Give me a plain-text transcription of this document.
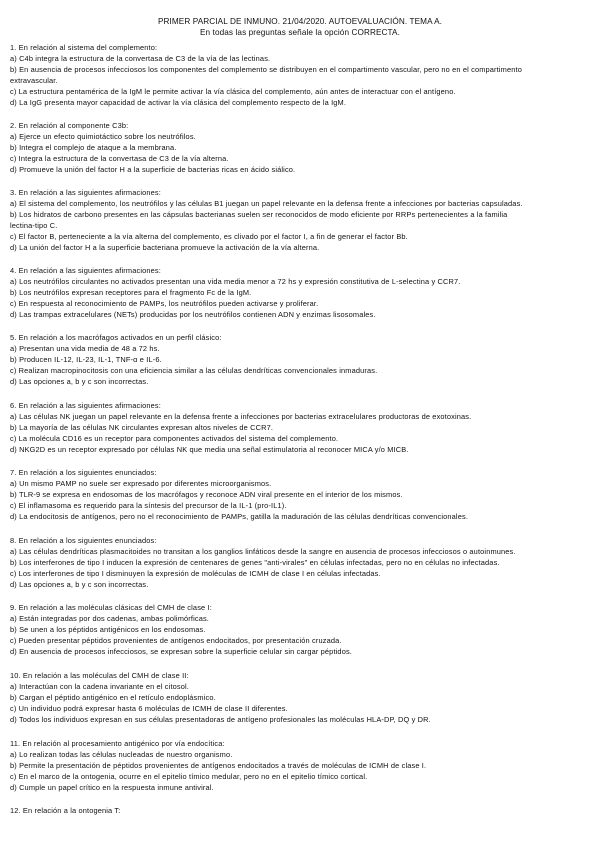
PRIMER PARCIAL DE INMUNO. 21/04/2020. AUTOEVALUACIÓN. TEMA A.
En todas las preguntas señale la opción CORRECTA.
1. En relación al sistema del complemento:
a) C4b integra la estructura de la convertasa de C3 de la vía de las lectinas.
b) En ausencia de procesos infecciosos los componentes del complemento se distribuyen en el compartimento vascular, pero no en el compartimento
extravascular.
c) La estructura pentamérica de la IgM le permite activar la vía clásica del complemento, aún antes de interactuar con el antígeno.
d) La IgG presenta mayor capacidad de activar la vía clásica del complemento respecto de la IgM.
2. En relación al componente C3b:
a) Ejerce un efecto quimiotáctico sobre los neutrófilos.
b) Integra el complejo de ataque a la membrana.
c) Integra la estructura de la convertasa de C3 de la vía alterna.
d) Promueve la unión del factor H a la superficie de bacterias ricas en ácido siálico.
3. En relación a las siguientes afirmaciones:
a) El sistema del complemento, los neutrófilos y las células B1 juegan un papel relevante en la defensa frente a infecciones por bacterias capsuladas.
b) Los hidratos de carbono presentes en las cápsulas bacterianas suelen ser reconocidos de modo eficiente por RRPs pertenecientes a la familia
lectina-tipo C.
c) El factor B, perteneciente a la vía alterna del complemento, es clivado por el factor I, a fin de generar el factor Bb.
d) La unión del factor H a la superficie bacteriana promueve la activación de la vía alterna.
4. En relación a las siguientes afirmaciones:
a) Los neutrófilos circulantes no activados presentan una vida media menor a 72 hs y expresión constitutiva de L-selectina y CCR7.
b) Los neutrófilos expresan receptores para el fragmento Fc de la IgM.
c) En respuesta al reconocimiento de PAMPs, los neutrófilos pueden activarse y proliferar.
d) Las trampas extracelulares (NETs) producidas por los neutrófilos contienen ADN y enzimas lisosomales.
5. En relación a los macrófagos activados en un perfil clásico:
a) Presentan una vida media de 48 a 72 hs.
b) Producen IL-12, IL-23, IL-1, TNF-α e IL-6.
c) Realizan macropinocitosis con una eficiencia similar a las células dendríticas convencionales inmaduras.
d) Las opciones a, b y c son incorrectas.
6. En relación a las siguientes afirmaciones:
a) Las células NK juegan un papel relevante en la defensa frente a infecciones por bacterias extracelulares productoras de exotoxinas.
b) La mayoría de las células NK circulantes expresan altos niveles de CCR7.
c) La molécula CD16 es un receptor para componentes activados del sistema del complemento.
d) NKG2D es un receptor expresado por células NK que media una señal estimulatoria al reconocer MICA y/o MICB.
7. En relación a los siguientes enunciados:
a) Un mismo PAMP no suele ser expresado por diferentes microorganismos.
b) TLR-9 se expresa en endosomas de los macrófagos y reconoce ADN viral presente en el interior de los mismos.
c) El inflamasoma es requerido para la síntesis del precursor de la IL-1 (pro-IL1).
d) La endocitosis de antígenos, pero no el reconocimiento de PAMPs, gatilla la maduración de las células dendríticas convencionales.
8. En relación a los siguientes enunciados:
a) Las células dendríticas plasmacitoides no transitan a los ganglios linfáticos desde la sangre en ausencia de procesos infecciosos o autoinmunes.
b) Los interferones de tipo I inducen la expresión de centenares de genes "anti-virales" en células infectadas, pero no en células no infectadas.
c) Los interferones de tipo I disminuyen la expresión de moléculas de ICMH de clase I en células infectadas.
d) Las opciones a, b y c son incorrectas.
9. En relación a las moléculas clásicas del CMH de clase I:
a) Están integradas por dos cadenas, ambas polimórficas.
b) Se unen a los péptidos antigénicos en los endosomas.
c) Pueden presentar péptidos provenientes de antígenos endocitados, por presentación cruzada.
d) En ausencia de procesos infecciosos, se expresan sobre la superficie celular sin cargar péptidos.
10. En relación a las moléculas del CMH de clase II:
a) Interactúan con la cadena invariante en el citosol.
b) Cargan el péptido antigénico en el retículo endoplásmico.
c) Un individuo podrá expresar hasta 6 moléculas de ICMH de clase II diferentes.
d) Todos los individuos expresan en sus células presentadoras de antígeno profesionales las moléculas HLA-DP, DQ y DR.
11. En relación al procesamiento antigénico por vía endocítica:
a) Lo realizan todas las células nucleadas de nuestro organismo.
b) Permite la presentación de péptidos provenientes de antígenos endocitados a través de moléculas de ICMH de clase I.
c) En el marco de la ontogenia, ocurre en el epitelio tímico medular, pero no en el epitelio tímico cortical.
d) Cumple un papel crítico en la respuesta inmune antiviral.
12. En relación a la ontogenia T:
